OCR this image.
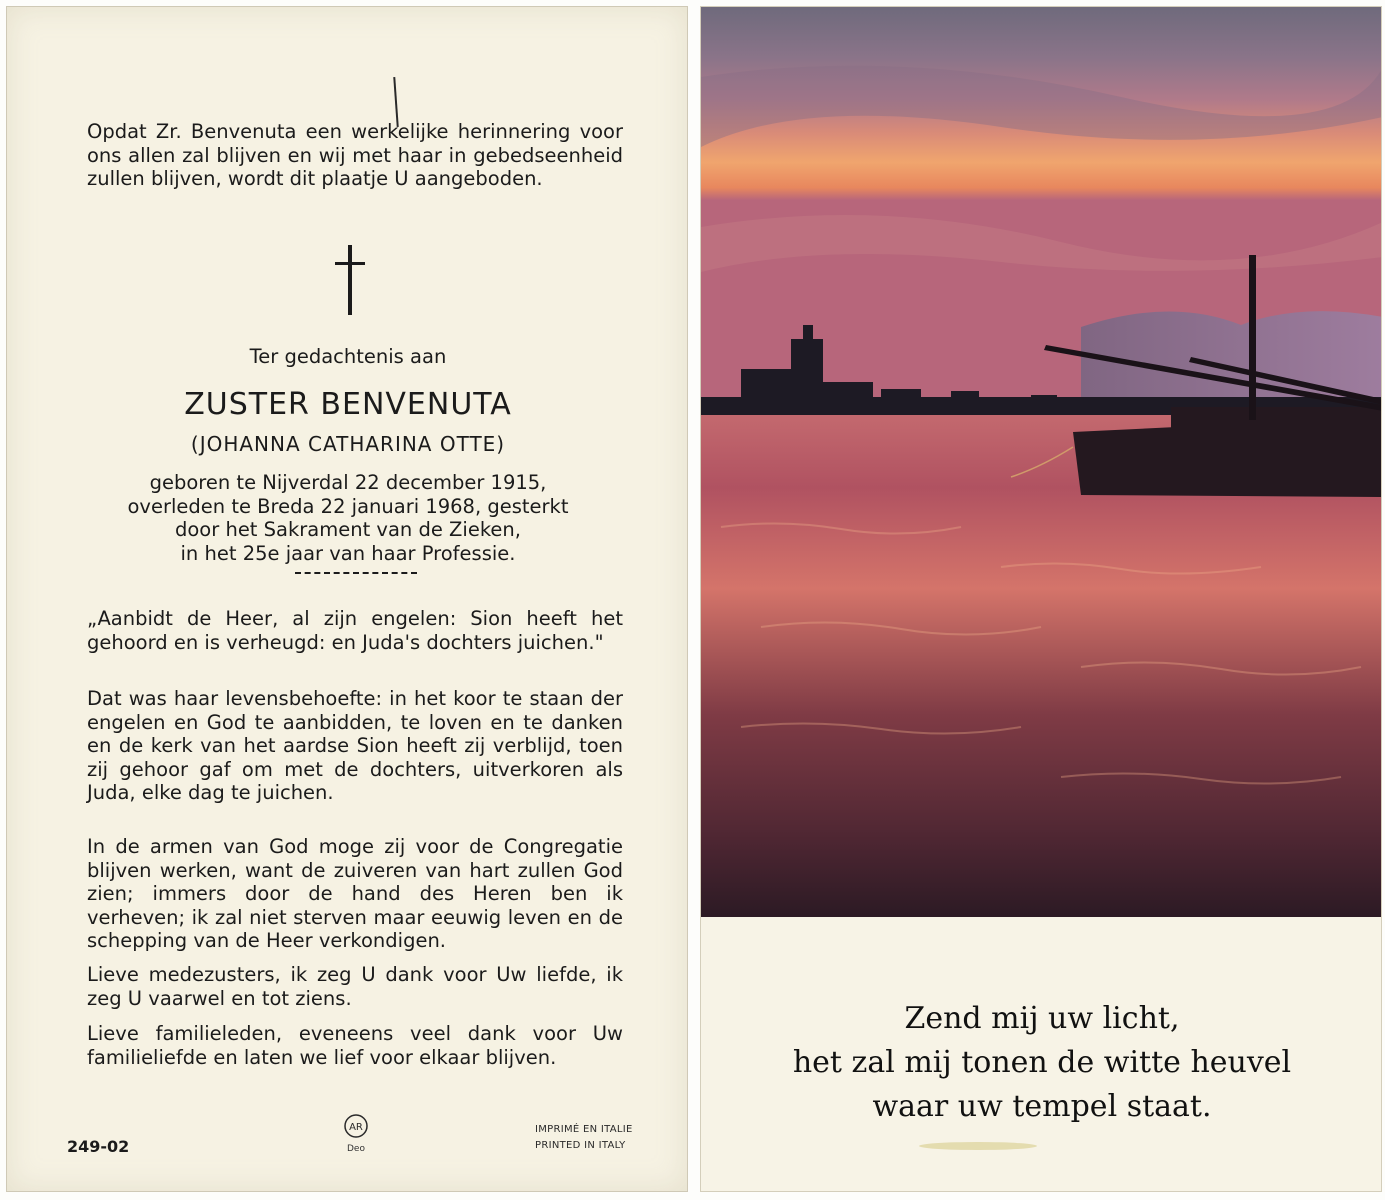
Opdat Zr. Benvenuta een werkelijke herinnering voor ons allen zal blijven en wij met haar in gebedseenheid zullen blijven, wordt dit plaatje U aangeboden.
Ter gedachtenis aan
ZUSTER BENVENUTA
(JOHANNA CATHARINA OTTE)
geboren te Nijverdal 22 december 1915,
overleden te Breda 22 januari 1968, gesterkt
door het Sakrament van de Zieken,
in het 25e jaar van haar Professie.
„Aanbidt de Heer, al zijn engelen: Sion heeft het gehoord en is verheugd: en Juda's dochters juichen."
Dat was haar levensbehoefte: in het koor te staan der engelen en God te aanbidden, te loven en te danken en de kerk van het aardse Sion heeft zij verblijd, toen zij gehoor gaf om met de dochters, uitverkoren als Juda, elke dag te juichen.
In de armen van God moge zij voor de Congregatie blijven werken, want de zuiveren van hart zullen God zien; immers door de hand des Heren ben ik verheven; ik zal niet sterven maar eeuwig leven en de schepping van de Heer verkondigen.
Lieve medezusters, ik zeg U dank voor Uw liefde, ik zeg U vaarwel en tot ziens.
Lieve familieleden, eveneens veel dank voor Uw familieliefde en laten we lief voor elkaar blijven.
249-02
AR
Deo
IMPRIMÉ EN ITALIE
PRINTED IN ITALY
Zend mij uw licht,
het zal mij tonen de witte heuvel
waar uw tempel staat.
